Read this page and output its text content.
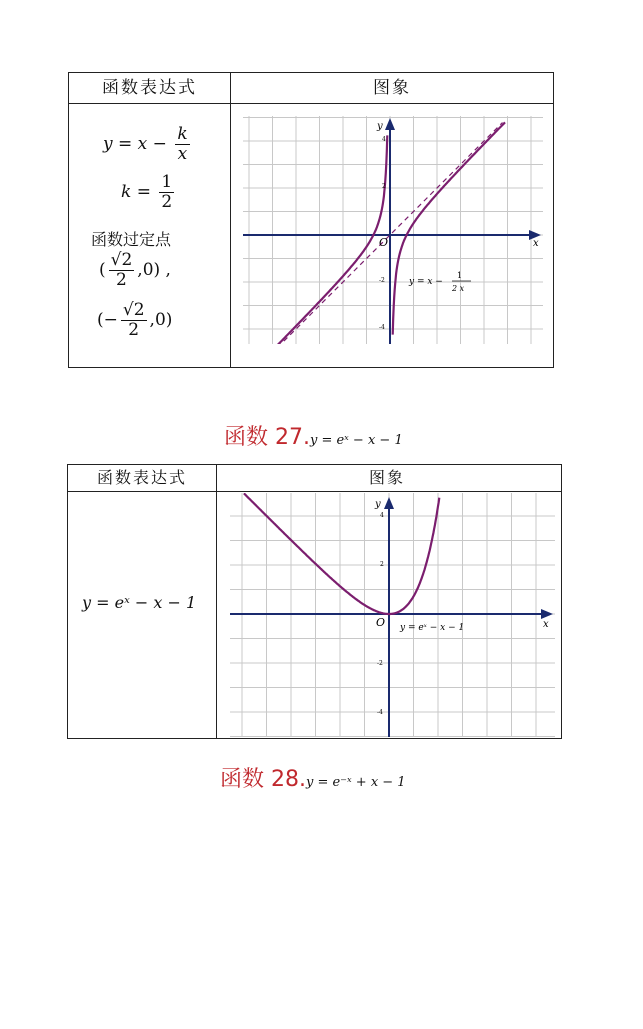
函数表达式	图象
$y = x - \frac{k}{x}$
$k = \frac{1}{2}$
函数过定点
( $\frac{√2}{2} ,0$) ,
(− $\frac{√2}{2} ,0$)
x
y
O
4
2
-2
-4
y = x −
1
2 x
函数 27.y = eˣ − x − 1
函数表达式	图象
y = eˣ − x − 1
x
y
O
4
2
-2
-4
y = eˣ − x − 1
函数 28.y = e⁻ˣ + x − 1
